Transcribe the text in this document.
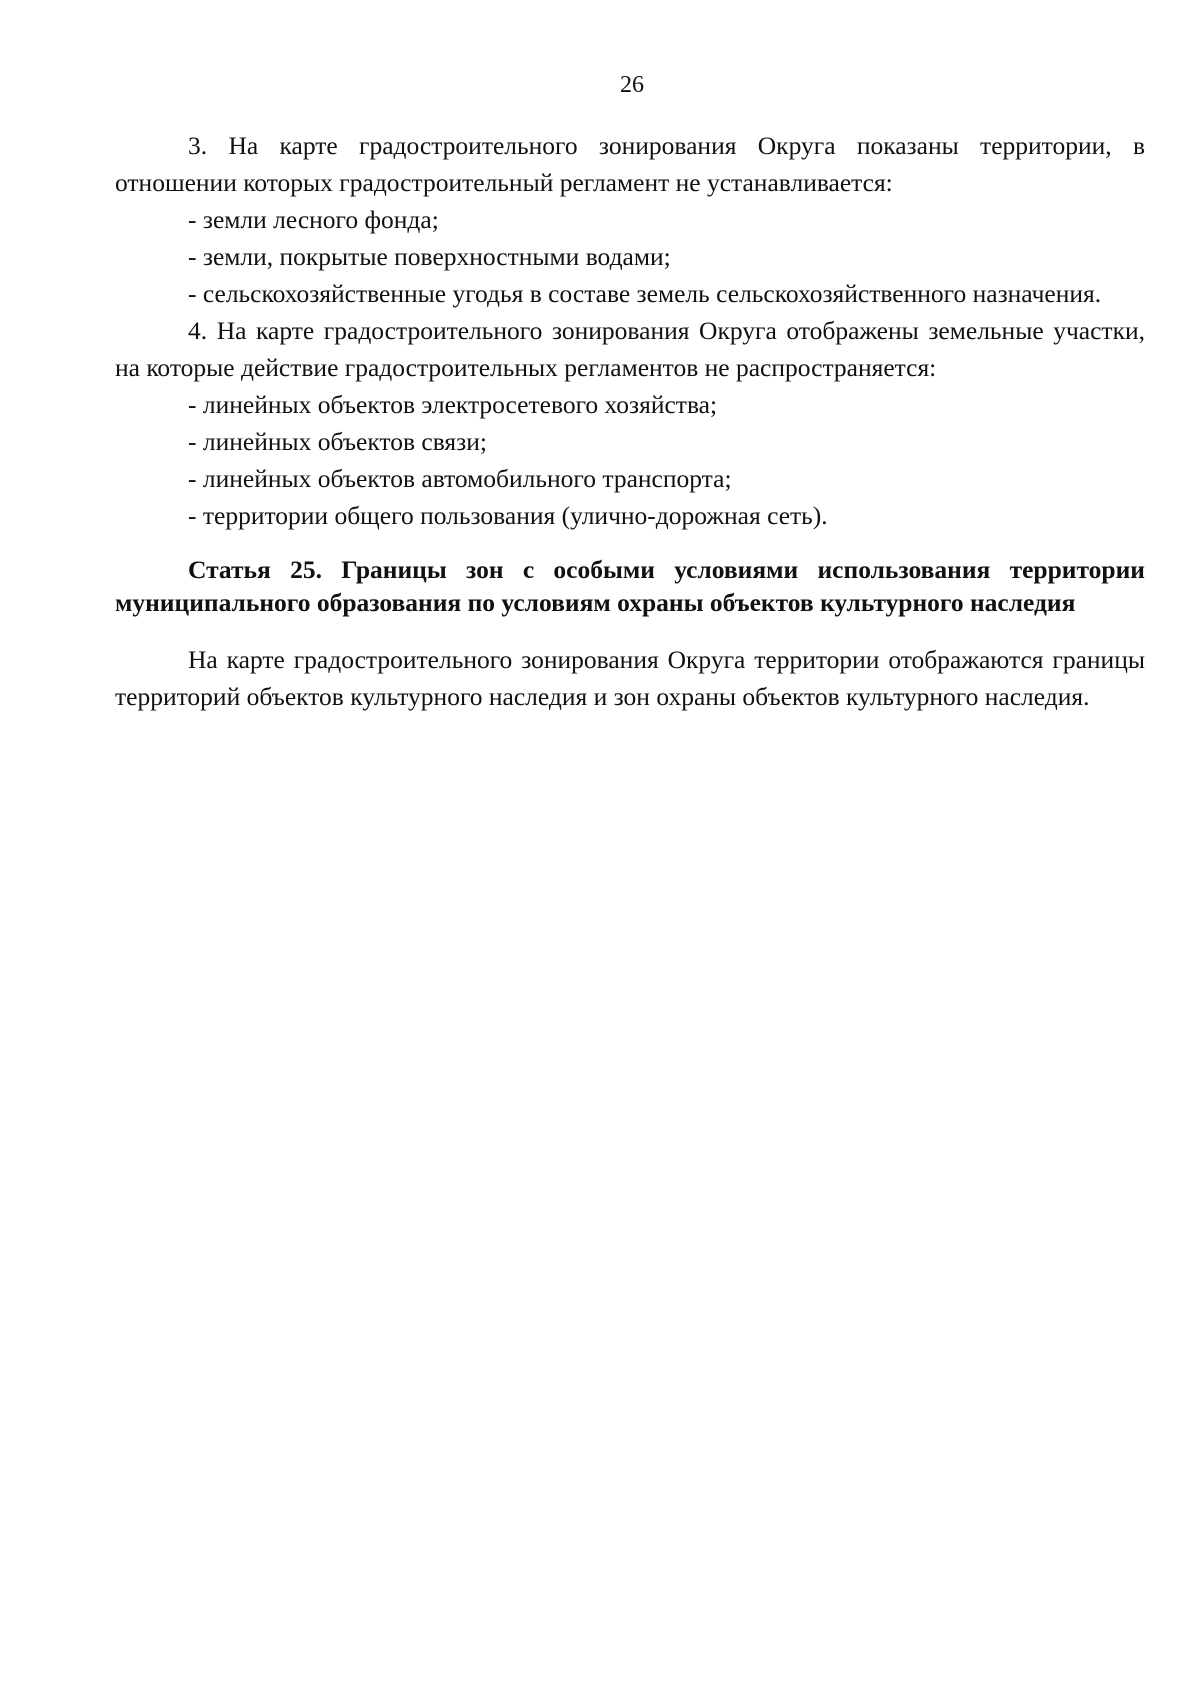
26

3. На карте градостроительного зонирования Округа показаны территории, в отношении которых градостроительный регламент не устанавливается:

- земли лесного фонда;

- земли, покрытые поверхностными водами;

- сельскохозяйственные угодья в составе земель сельскохозяйственного назначения.

4. На карте градостроительного зонирования Округа отображены земельные участки, на которые действие градостроительных регламентов не распространяется:

- линейных объектов электросетевого хозяйства;

- линейных объектов связи;

- линейных объектов автомобильного транспорта;

- территории общего пользования (улично-дорожная сеть).

Статья 25. Границы зон с особыми условиями использования территории муниципального образования по условиям охраны объектов культурного наследия

На карте градостроительного зонирования Округа территории отображаются границы территорий объектов культурного наследия и зон охраны объектов культурного наследия.
